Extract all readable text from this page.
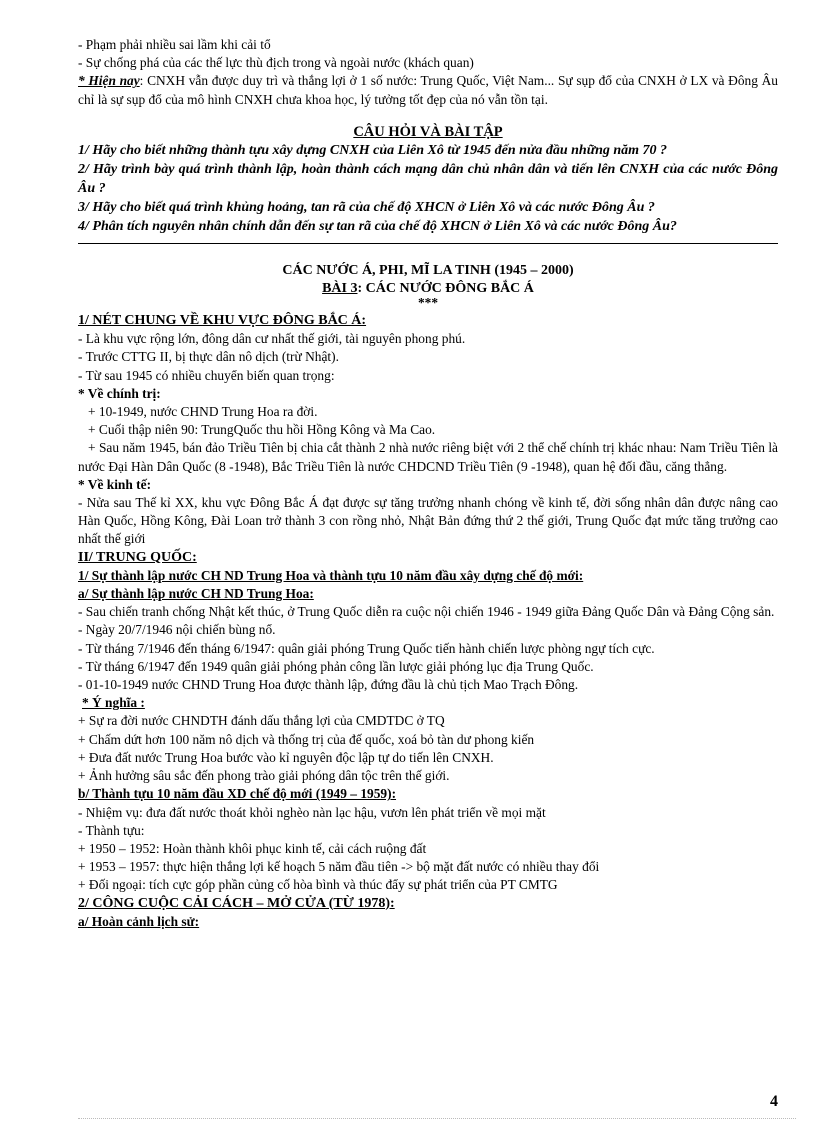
- Phạm phải nhiều sai lầm khi cải tổ
- Sự chống phá của các thế lực thù địch trong và ngoài nước (khách quan)
* Hiện nay: CNXH vẫn được duy trì và thắng lợi ở 1 số nước: Trung Quốc, Việt Nam... Sự sụp đổ của CNXH ở LX và Đông Âu chỉ là sự sụp đổ của mô hình CNXH chưa khoa học, lý tưởng tốt đẹp của nó vẫn tồn tại.
CÂU HỎI VÀ BÀI TẬP
1/ Hãy cho biết những thành tựu xây dựng CNXH của Liên Xô từ 1945 đến nửa đầu những năm 70 ?
2/ Hãy trình bày quá trình thành lập, hoàn thành cách mạng dân chủ nhân dân và tiến lên CNXH của các nước Đông Âu ?
3/ Hãy cho biết quá trình khủng hoảng, tan rã của chế độ XHCN ở Liên Xô và các nước Đông Âu ?
4/ Phân tích nguyên nhân chính dẫn đến sự tan rã của chế độ XHCN ở Liên Xô và các nước Đông Âu?
CÁC NƯỚC Á, PHI, MĨ LA TINH (1945 – 2000)
BÀI 3: CÁC NƯỚC ĐÔNG BẮC Á
***
1/ NÉT CHUNG VỀ KHU VỰC ĐÔNG BẮC Á:
- Là khu vực rộng lớn, đông dân cư nhất thế giới, tài nguyên phong phú.
- Trước CTTG II, bị thực dân nô dịch (trừ Nhật).
- Từ sau 1945 có nhiều chuyển biến quan trọng:
* Về chính trị:
+ 10-1949, nước CHND Trung Hoa ra đời.
+ Cuối thập niên 90: TrungQuốc thu hồi Hồng Kông và Ma Cao.
+ Sau năm 1945, bán đảo Triều Tiên bị chia cắt thành 2 nhà nước riêng biệt với 2 thể chế chính trị khác nhau: Nam Triều Tiên là nước Đại Hàn Dân Quốc (8 -1948), Bắc Triều Tiên là nước CHDCND Triều Tiên (9 -1948), quan hệ đối đầu, căng thẳng.
* Về kinh tế:
- Nửa sau Thế kỉ XX, khu vực Đông Bắc Á đạt được sự tăng trưởng nhanh chóng về kinh tế, đời sống nhân dân được nâng cao Hàn Quốc, Hồng Kông, Đài Loan trở thành 3 con rồng nhỏ, Nhật Bản đứng thứ 2 thế giới, Trung Quốc đạt mức tăng trưởng cao nhất thế giới
II/ TRUNG QUỐC:
1/ Sự thành lập nước CH ND Trung Hoa và thành tựu 10 năm đầu xây dựng chế độ mới:
a/ Sự thành lập nước CH ND Trung Hoa:
- Sau chiến tranh chống Nhật kết thúc, ở Trung Quốc diễn ra cuộc nội chiến 1946 - 1949 giữa Đảng Quốc Dân và Đảng Cộng sản.
- Ngày 20/7/1946 nội chiến bùng nổ.
- Từ tháng 7/1946 đến tháng 6/1947: quân giải phóng Trung Quốc tiến hành chiến lược phòng ngự tích cực.
- Từ tháng 6/1947 đến 1949 quân giải phóng phản công lần lược giải phóng lục địa Trung Quốc.
- 01-10-1949 nước CHND Trung Hoa được thành lập, đứng đầu là chủ tịch Mao Trạch Đông.
* Ý nghĩa :
+ Sự ra đời nước CHNDTH đánh dấu thắng lợi của CMDTDC ở TQ
+ Chấm dứt hơn 100 năm nô dịch và thống trị của đế quốc, xoá bỏ tàn dư phong kiến
+ Đưa đất nước Trung Hoa bước vào kỉ nguyên độc lập tự do tiến lên CNXH.
+ Ảnh hưởng sâu sắc đến phong trào giải phóng dân tộc trên thế giới.
b/ Thành tựu 10 năm đầu XD chế độ mới (1949 – 1959):
- Nhiệm vụ: đưa đất nước thoát khỏi nghèo nàn lạc hậu, vươn lên phát triển về mọi mặt
- Thành tựu:
+ 1950 – 1952: Hoàn thành khôi phục kinh tế, cải cách ruộng đất
+ 1953 – 1957: thực hiện thắng lợi kế hoạch 5 năm đầu tiên -> bộ mặt đất nước có nhiều thay đổi
+ Đối ngoại: tích cực góp phần củng cố hòa bình và thúc đẩy sự phát triển của PT CMTG
2/ CÔNG CUỘC CẢI CÁCH – MỞ CỬA (TỪ 1978):
a/ Hoàn cảnh lịch sử:
4
